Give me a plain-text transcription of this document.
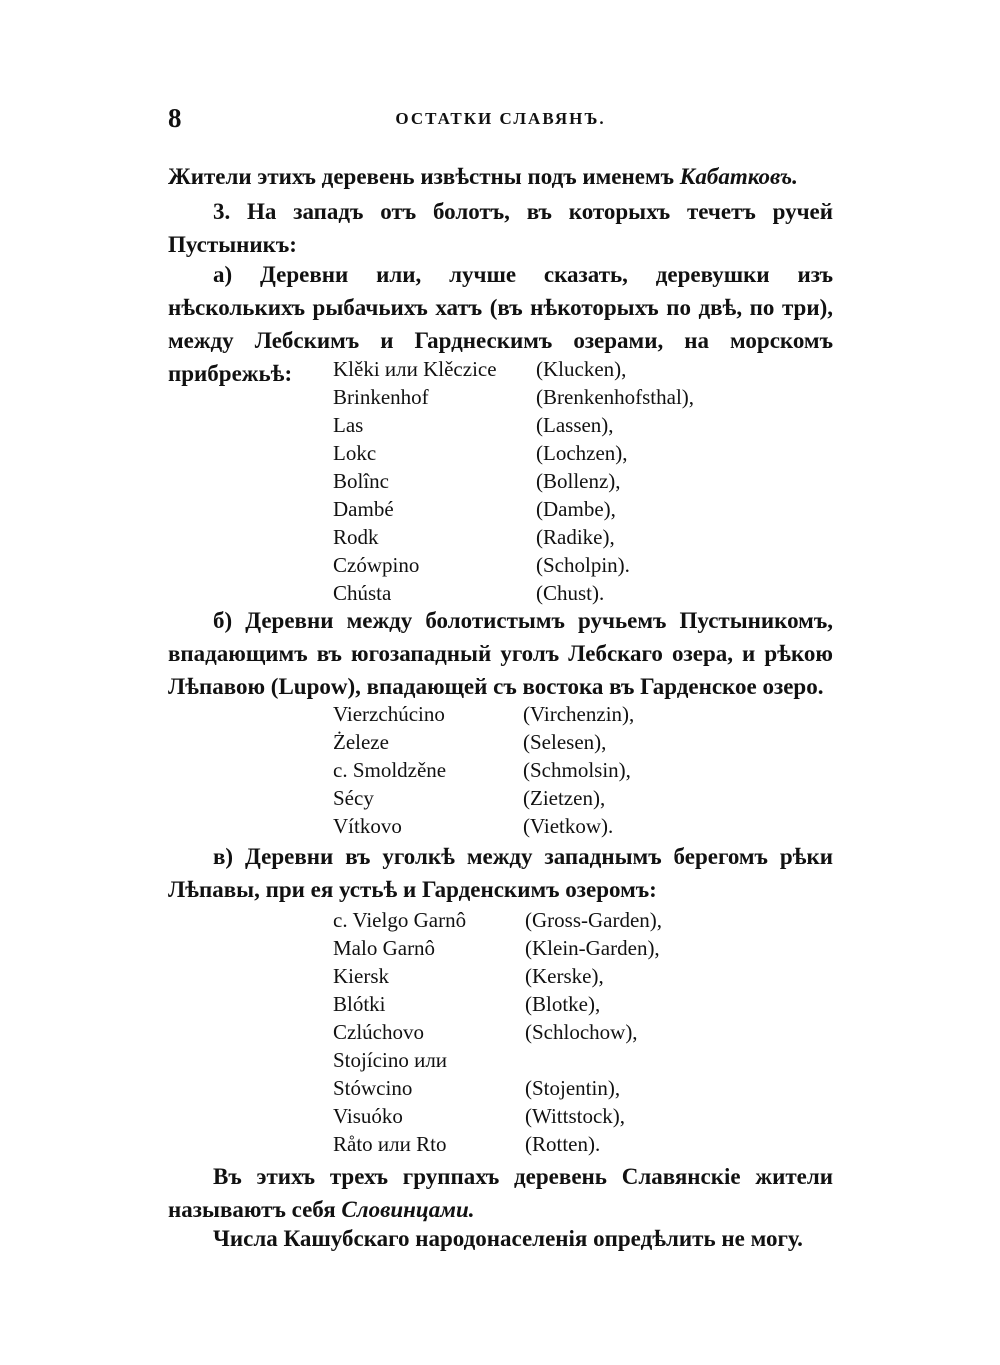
8	ОСТАТКИ СЛАВЯНЪ.

Жители этихъ деревень извѣстны подъ именемъ Кабатковъ.

3. На западъ отъ болотъ, въ которыхъ течетъ ручей Пустыникъ:

а) Деревни или, лучше сказать, деревушки изъ нѣсколькихъ рыбачьихъ хатъ (въ нѣкоторыхъ по двѣ, по три), между Лебскимъ и Гарднескимъ озерами, на морскомъ прибрежьѣ:	Klěki или Klěczice (Klucken),
Brinkenhof	(Brenkenhofsthal),
Las	(Lassen),
Lokc	(Lochzen),
Bolînc	(Bollenz),
Dambé	(Dambe),
Rodk	(Radike),
Czówpino	(Scholpin).
Chústa	(Chust).

б) Деревни между болотистымъ ручьемъ Пустыникомъ, впадающимъ въ югозападный уголъ Лебскаго озера, и рѣкою Лѣпавою (Lupow), впадающей съ востока въ Гарденское озеро.

Vierzchúcino	(Virchenzin),
Żeleze	(Selesen),
c. Smoldzěne	(Schmolsin),
Sécy	(Zietzen),
Vítkovo	(Vietkow).

в) Деревни въ уголкѣ между западнымъ берегомъ рѣки Лѣпавы, при ея устьѣ и Гарденскимъ озеромъ:

c. Vielgo Garnô	(Gross-Garden),
Malo Garnô	(Klein-Garden),
Kiersk	(Kerske),
Blótki	(Blotke),
Czlúchovo	(Schlochow),
Stojícino или
Stówcino	(Stojentin),
Visuóko	(Wittstock),
Råto или Rto	(Rotten).

Въ этихъ трехъ группахъ деревень Славянскіе жители называютъ себя Словинцами.

Числа Кашубскаго народонаселенія опредѣлить не могу.
